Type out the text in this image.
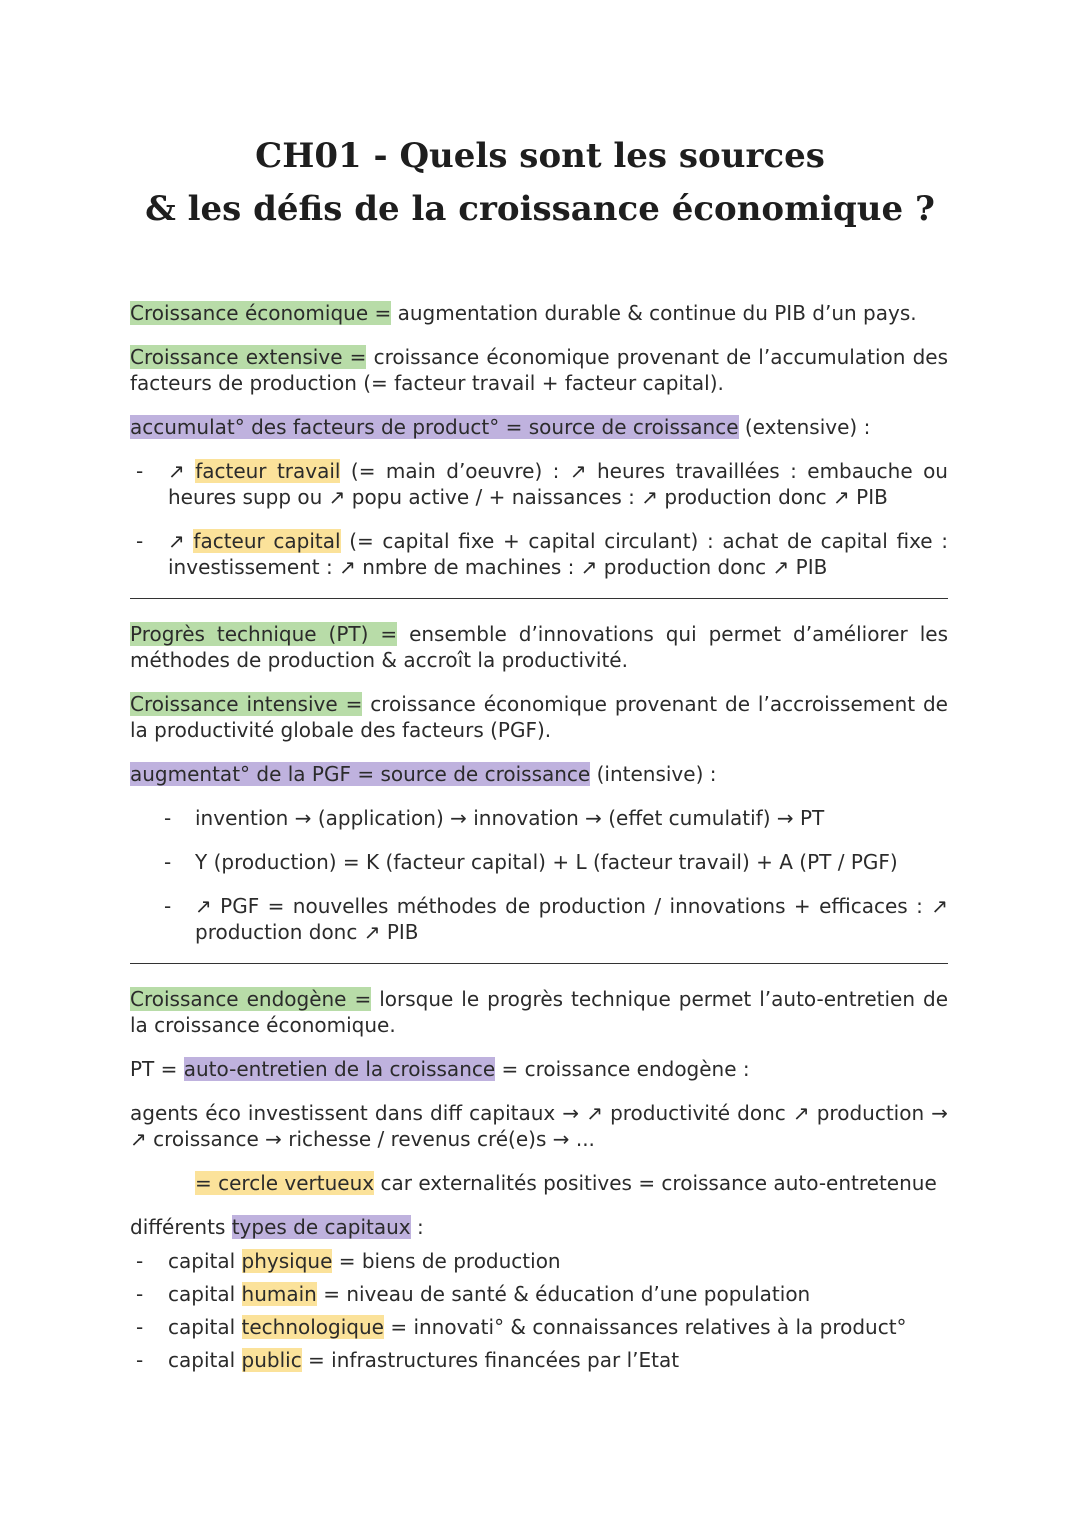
CH01 - Quels sont les sources
& les défis de la croissance économique ?

Croissance économique = augmentation durable & continue du PIB d’un pays.

Croissance extensive = croissance économique provenant de l’accumulation des facteurs de production (= facteur travail + facteur capital).

accumulat° des facteurs de product° = source de croissance (extensive) :

- ↗ facteur travail (= main d’oeuvre) : ↗ heures travaillées : embauche ou heures supp ou ↗ popu active / + naissances : ↗ production donc ↗ PIB
- ↗ facteur capital (= capital fixe + capital circulant) : achat de capital fixe : investissement : ↗ nmbre de machines : ↗ production donc ↗ PIB

Progrès technique (PT) = ensemble d’innovations qui permet d’améliorer les méthodes de production & accroît la productivité.

Croissance intensive = croissance économique provenant de l’accroissement de la productivité globale des facteurs (PGF).

augmentat° de la PGF = source de croissance (intensive) :

- invention → (application) → innovation → (effet cumulatif) → PT
- Y (production) = K (facteur capital) + L (facteur travail) + A (PT / PGF)
- ↗ PGF = nouvelles méthodes de production / innovations + efficaces : ↗ production donc ↗ PIB

Croissance endogène = lorsque le progrès technique permet l’auto-entretien de la croissance économique.

PT = auto-entretien de la croissance = croissance endogène :

agents éco investissent dans diff capitaux → ↗ productivité donc ↗ production → ↗ croissance → richesse / revenus cré(e)s → ...

= cercle vertueux car externalités positives = croissance auto-entretenue

différents types de capitaux :

- capital physique = biens de production
- capital humain = niveau de santé & éducation d’une population
- capital technologique = innovati° & connaissances relatives à la product°
- capital public = infrastructures financées par l’Etat
